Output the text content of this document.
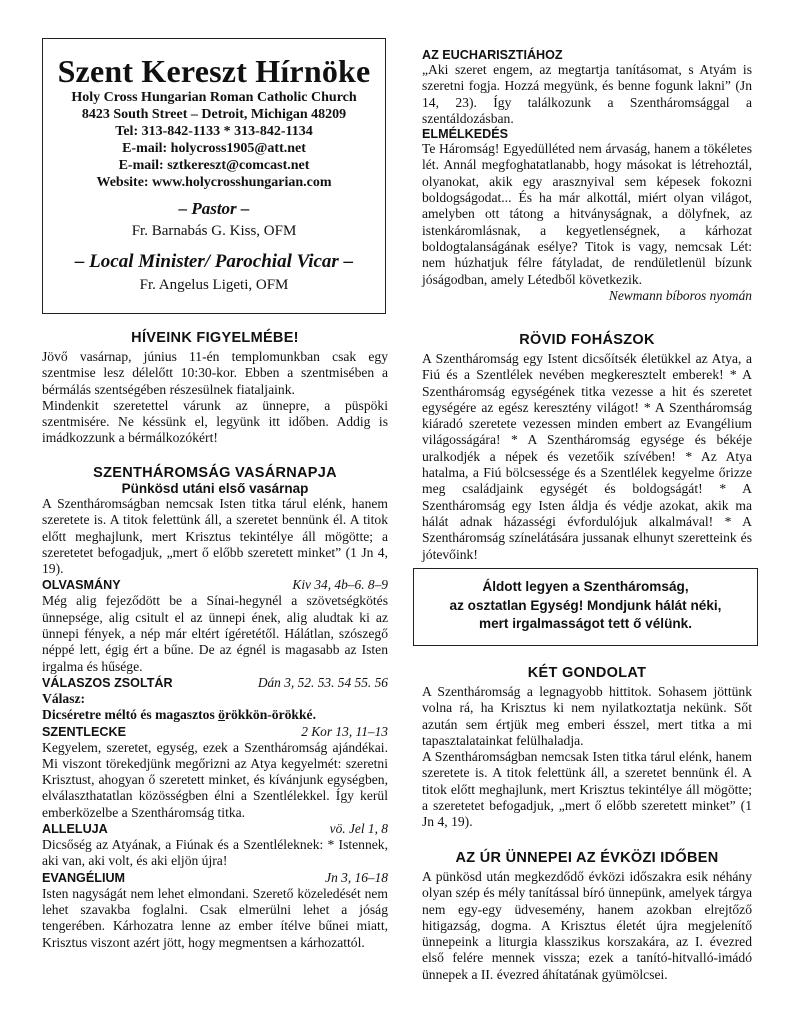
Szent Kereszt Hírnöke
Holy Cross Hungarian Roman Catholic Church
8423 South Street – Detroit, Michigan 48209
Tel: 313-842-1133 * 313-842-1134
E-mail: holycross1905@att.net
E-mail: sztkereszt@comcast.net
Website: www.holycrosshungarian.com
– Pastor –
Fr. Barnabás G. Kiss, OFM
– Local Minister/ Parochial Vicar –
Fr. Angelus Ligeti, OFM
HÍVEINK FIGYELMÉBE!

Jövő vasárnap, június 11-én templomunkban csak egy szentmise lesz délelőtt 10:30-kor. Ebben a szentmisében a bérmálás szentségében részesülnek fiataljaink.

Mindenkit szeretettel várunk az ünnepre, a püspöki szentmisére. Ne késsünk el, legyünk itt időben. Addig is imádkozzunk a bérmálkozókért!

SZENTHÁROMSÁG VASÁRNAPJA
Pünkösd utáni első vasárnap

A Szentháromságban nemcsak Isten titka tárul elénk, hanem szeretete is. A titok felettünk áll, a szeretet bennünk él. A titok előtt meghajlunk, mert Krisztus tekintélye áll mögötte; a szeretetet befogadjuk, „mert ő előbb szeretett minket” (1 Jn 4, 19).

OLVASMÁNY	Kiv 34, 4b–6. 8–9

Még alig fejeződött be a Sínai-hegynél a szövetségkötés ünnepsége, alig csitult el az ünnepi ének, alig aludtak ki az ünnepi fények, a nép már eltért ígéretétől. Hálátlan, szószegő néppé lett, égig ért a bűne. De az égnél is magasabb az Isten irgalma és hűsége.

VÁLASZOS ZSOLTÁR	Dán 3, 52. 53. 54 55. 56
Válasz:
Dicséretre méltó és magasztos örökkön-örökké.
SZENTLECKE	2 Kor 13, 11–13

Kegyelem, szeretet, egység, ezek a Szentháromság ajándékai. Mi viszont törekedjünk megőrizni az Atya kegyelmét: szeretni Krisztust, ahogyan ő szeretett minket, és kívánjunk egységben, elválaszthatatlan közösségben élni a Szentlélekkel. Így kerül emberközelbe a Szentháromság titka.

ALLELUJA	vö. Jel 1, 8

Dicsőség az Atyának, a Fiúnak és a Szentléleknek: * Istennek, aki van, aki volt, és aki eljön újra!

EVANGÉLIUM	Jn 3, 16–18

Isten nagyságát nem lehet elmondani. Szerető közeledését nem lehet szavakba foglalni. Csak elmerülni lehet a jóság tengerében. Kárhozatra lenne az ember ítélve bűnei miatt, Krisztus viszont azért jött, hogy megmentsen a kárhozattól.

AZ EUCHARISZTIÁHOZ

„Aki szeret engem, az megtartja tanításomat, s Atyám is szeretni fogja. Hozzá megyünk, és benne fogunk lakni” (Jn 14, 23). Így találkozunk a Szentháromsággal a szentáldozásban.

ELMÉLKEDÉS

Te Háromság! Egyedülléted nem árvaság, hanem a tökéletes lét. Annál megfoghatatlanabb, hogy másokat is létrehoztál, olyanokat, akik egy arasznyival sem képesek fokozni boldogságodat... És ha már alkottál, miért olyan világot, amelyben ott tátong a hitványságnak, a dölyfnek, az istenkáromlásnak, a kegyetlenségnek, a kárhozat boldogtalanságának esélye? Titok is vagy, nemcsak Lét: nem húzhatjuk félre fátyladat, de rendületlenül bízunk jóságodban, amely Létedből következik.

Newmann bíboros nyomán
RÖVID FOHÁSZOK

A Szentháromság egy Istent dicsőítsék életükkel az Atya, a Fiú és a Szentlélek nevében megkeresztelt emberek! * A Szentháromság egységének titka vezesse a hit és szeretet egységére az egész keresztény világot! * A Szentháromság kiáradó szeretete vezessen minden embert az Evangélium világosságára! * A Szentháromság egysége és békéje uralkodjék a népek és vezetőik szívében! * Az Atya hatalma, a Fiú bölcsessége és a Szentlélek kegyelme őrizze meg családjaink egységét és boldogságát! * A Szentháromság egy Isten áldja és védje azokat, akik ma hálát adnak házasségi évfordulójuk alkalmával! * A Szentháromság színelátására jussanak elhunyt szeretteink és jótevőink!

KÉT GONDOLAT

A Szentháromság a legnagyobb hittitok. Sohasem jöttünk volna rá, ha Krisztus ki nem nyilatkoztatja nekünk. Sőt azután sem értjük meg emberi ésszel, mert titka a mi tapasztalatainkat felülhaladja.

A Szentháromságban nemcsak Isten titka tárul elénk, hanem szeretete is. A titok felettünk áll, a szeretet bennünk él. A titok előtt meghajlunk, mert Krisztus tekintélye áll mögötte; a szeretetet befogadjuk, „mert ő előbb szeretett minket” (1 Jn 4, 19).

AZ ÚR ÜNNEPEI AZ ÉVKÖZI IDŐBEN

A pünkösd után megkezdődő évközi időszakra esik néhány olyan szép és mély tanítással bíró ünnepünk, amelyek tárgya nem egy-egy üdvesemény, hanem azokban elrejtőző hitigazság, dogma. A Krisztus életét újra megjelenítő ünnepeink a liturgia klasszikus korszakára, az I. évezred első felére mennek vissza; ezek a tanító-hitvalló-imádó ünnepek a II. évezred áhítatának gyümölcsei.

Áldott legyen a Szentháromság,
az osztatlan Egység! Mondjunk hálát néki,
mert irgalmasságot tett ő vélünk.
